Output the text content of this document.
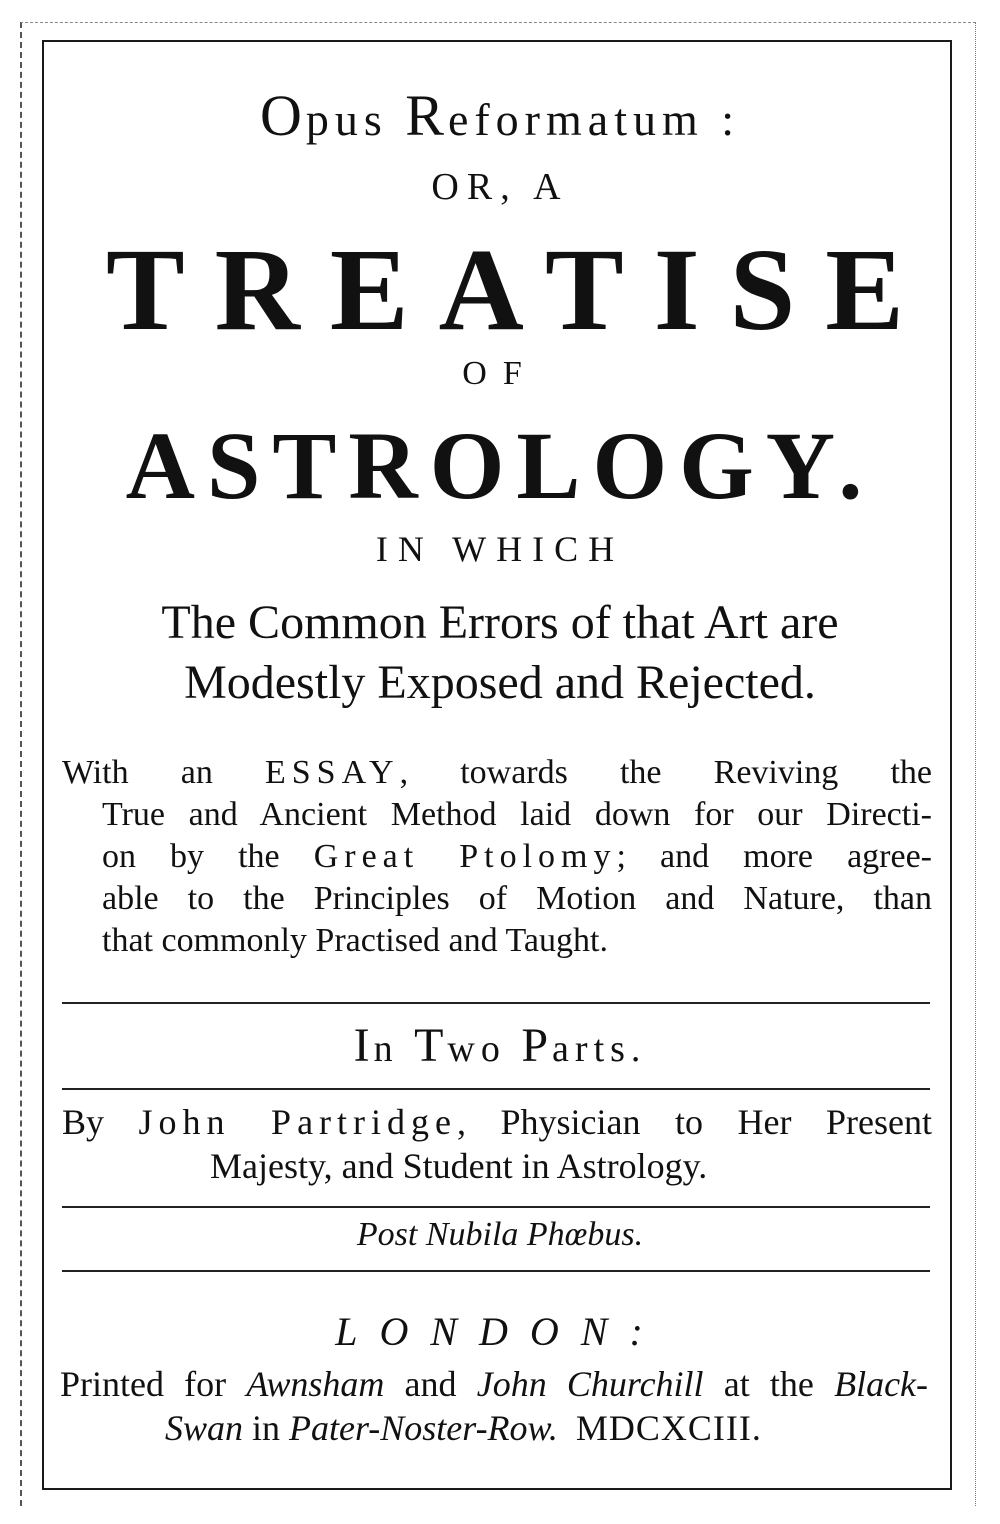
Opus Reformatum :
OR, A
TREATISE
OF
ASTROLOGY.
IN WHICH
The Common Errors of that Art are
Modestly Exposed and Rejected.
With an ESSAY, towards the Reviving the
True and Ancient Method laid down for our Directi-
on by the Great Ptolomy; and more agree-
able to the Principles of Motion and Nature, than
that commonly Practised and Taught.
In Two Parts.
By John Partridge, Physician to Her Present
Majesty, and Student in Astrology.
Post Nubila Phœbus.
LONDON:
Printed for Awnsham and John Churchill at the Black-
Swan in Pater-Noster-Row. MDCXCIII.
